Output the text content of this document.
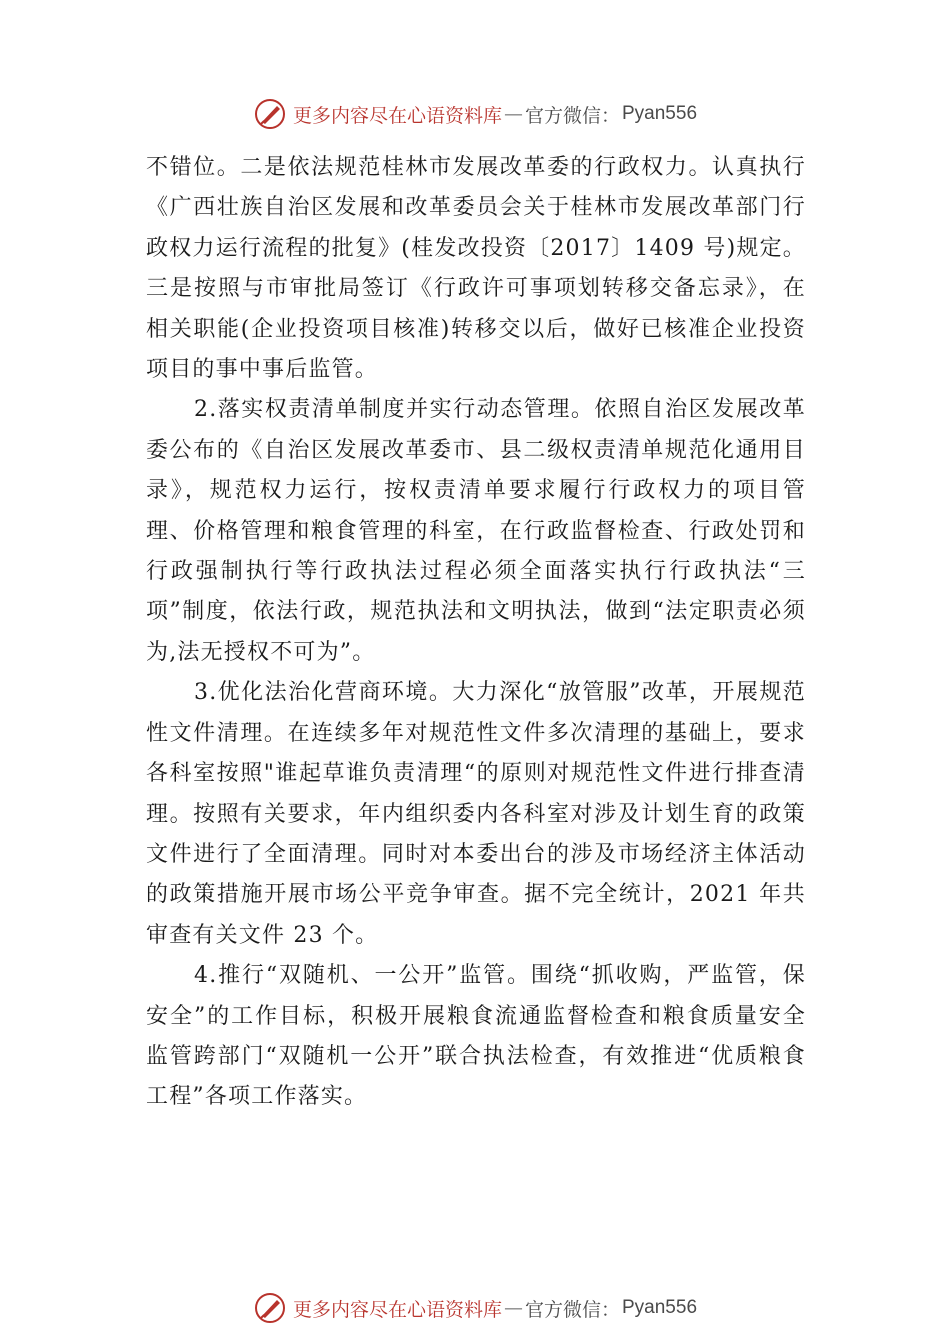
更多内容尽在心语资料库 — 官方微信： Pyan556

不错位。二是依法规范桂林市发展改革委的行政权力。认真执行《广西壮族自治区发展和改革委员会关于桂林市发展改革部门行政权力运行流程的批复》(桂发改投资〔2017〕1409 号)规定。三是按照与市审批局签订《行政许可事项划转移交备忘录》，在相关职能(企业投资项目核准)转移交以后，做好已核准企业投资项目的事中事后监管。

2.落实权责清单制度并实行动态管理。依照自治区发展改革委公布的《自治区发展改革委市、县二级权责清单规范化通用目录》，规范权力运行，按权责清单要求履行行政权力的项目管理、价格管理和粮食管理的科室，在行政监督检查、行政处罚和行政强制执行等行政执法过程必须全面落实执行行政执法“三项”制度，依法行政，规范执法和文明执法，做到“法定职责必须为,法无授权不可为”。

3.优化法治化营商环境。大力深化“放管服”改革，开展规范性文件清理。在连续多年对规范性文件多次清理的基础上，要求各科室按照"谁起草谁负责清理“的原则对规范性文件进行排查清理。按照有关要求，年内组织委内各科室对涉及计划生育的政策文件进行了全面清理。同时对本委出台的涉及市场经济主体活动的政策措施开展市场公平竞争审查。据不完全统计，2021 年共审查有关文件 23 个。

4.推行“双随机、一公开”监管。围绕“抓收购，严监管，保安全”的工作目标，积极开展粮食流通监督检查和粮食质量安全监管跨部门“双随机一公开”联合执法检查，有效推进“优质粮食工程”各项工作落实。

更多内容尽在心语资料库 — 官方微信： Pyan556
